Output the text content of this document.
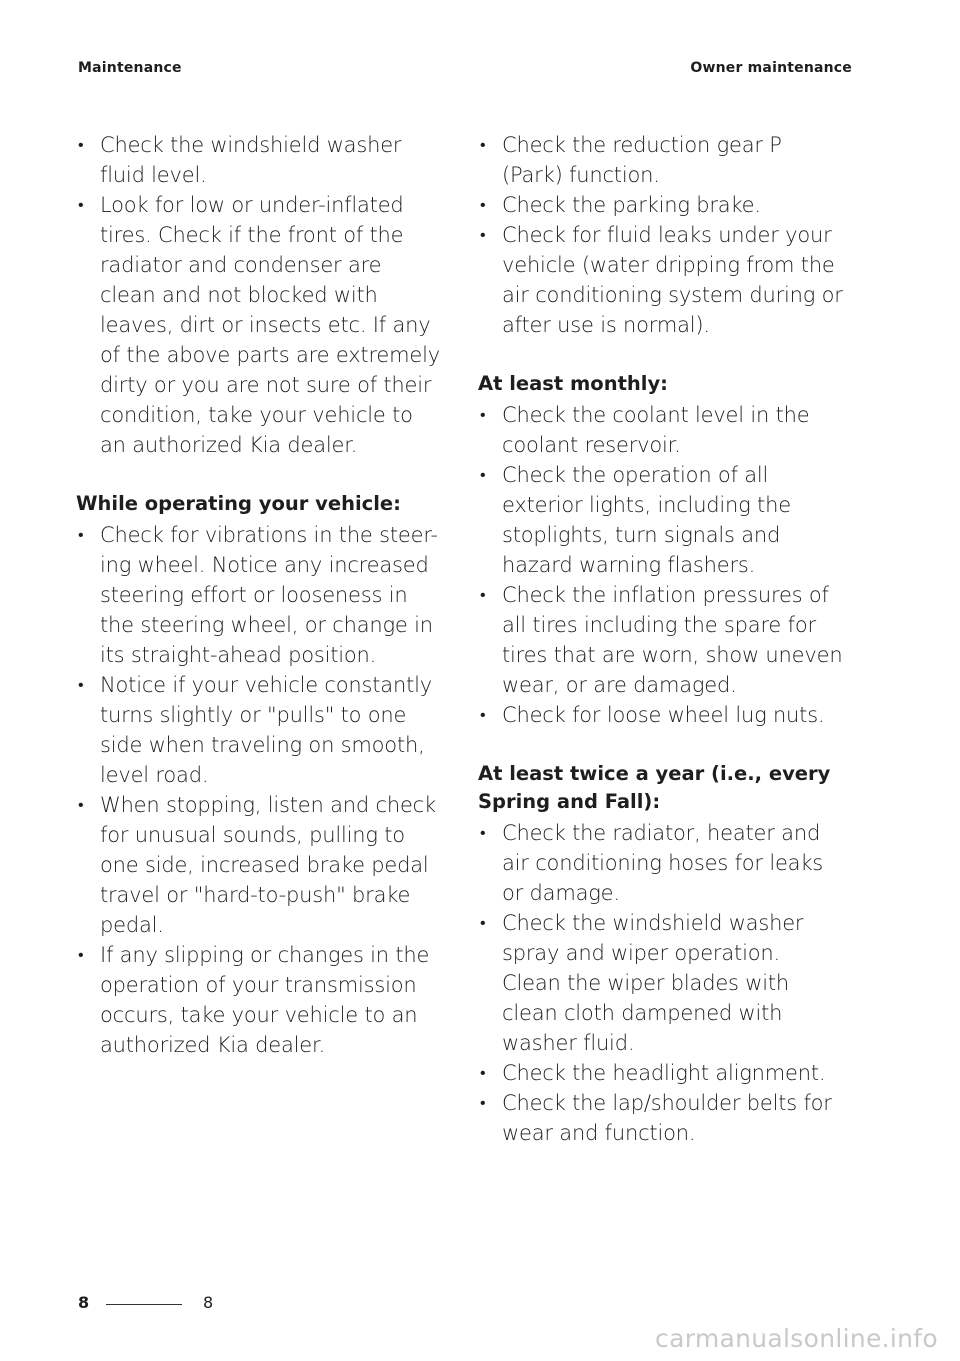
Maintenance	Owner maintenance
• Check the windshield washer fluid level.
• Look for low or under-inflated tires. Check if the front of the radiator and condenser are clean and not blocked with leaves, dirt or insects etc. If any of the above parts are extremely dirty or you are not sure of their condition, take your vehicle to an authorized Kia dealer.
While operating your vehicle:
• Check for vibrations in the steer-ing wheel. Notice any increased steering effort or looseness in the steering wheel, or change in its straight-ahead position.
• Notice if your vehicle constantly turns slightly or "pulls" to one side when traveling on smooth, level road.
• When stopping, listen and check for unusual sounds, pulling to one side, increased brake pedal travel or "hard-to-push" brake pedal.
• If any slipping or changes in the operation of your transmission occurs, take your vehicle to an authorized Kia dealer.
• Check the reduction gear P (Park) function.
• Check the parking brake.
• Check for fluid leaks under your vehicle (water dripping from the air conditioning system during or after use is normal).
At least monthly:
• Check the coolant level in the coolant reservoir.
• Check the operation of all exterior lights, including the stoplights, turn signals and hazard warning flashers.
• Check the inflation pressures of all tires including the spare for tires that are worn, show uneven wear, or are damaged.
• Check for loose wheel lug nuts.
At least twice a year (i.e., every Spring and Fall):
• Check the radiator, heater and air conditioning hoses for leaks or damage.
• Check the windshield washer spray and wiper operation. Clean the wiper blades with clean cloth dampened with washer fluid.
• Check the headlight alignment.
• Check the lap/shoulder belts for wear and function.
8	8
carmanualsonline.info
